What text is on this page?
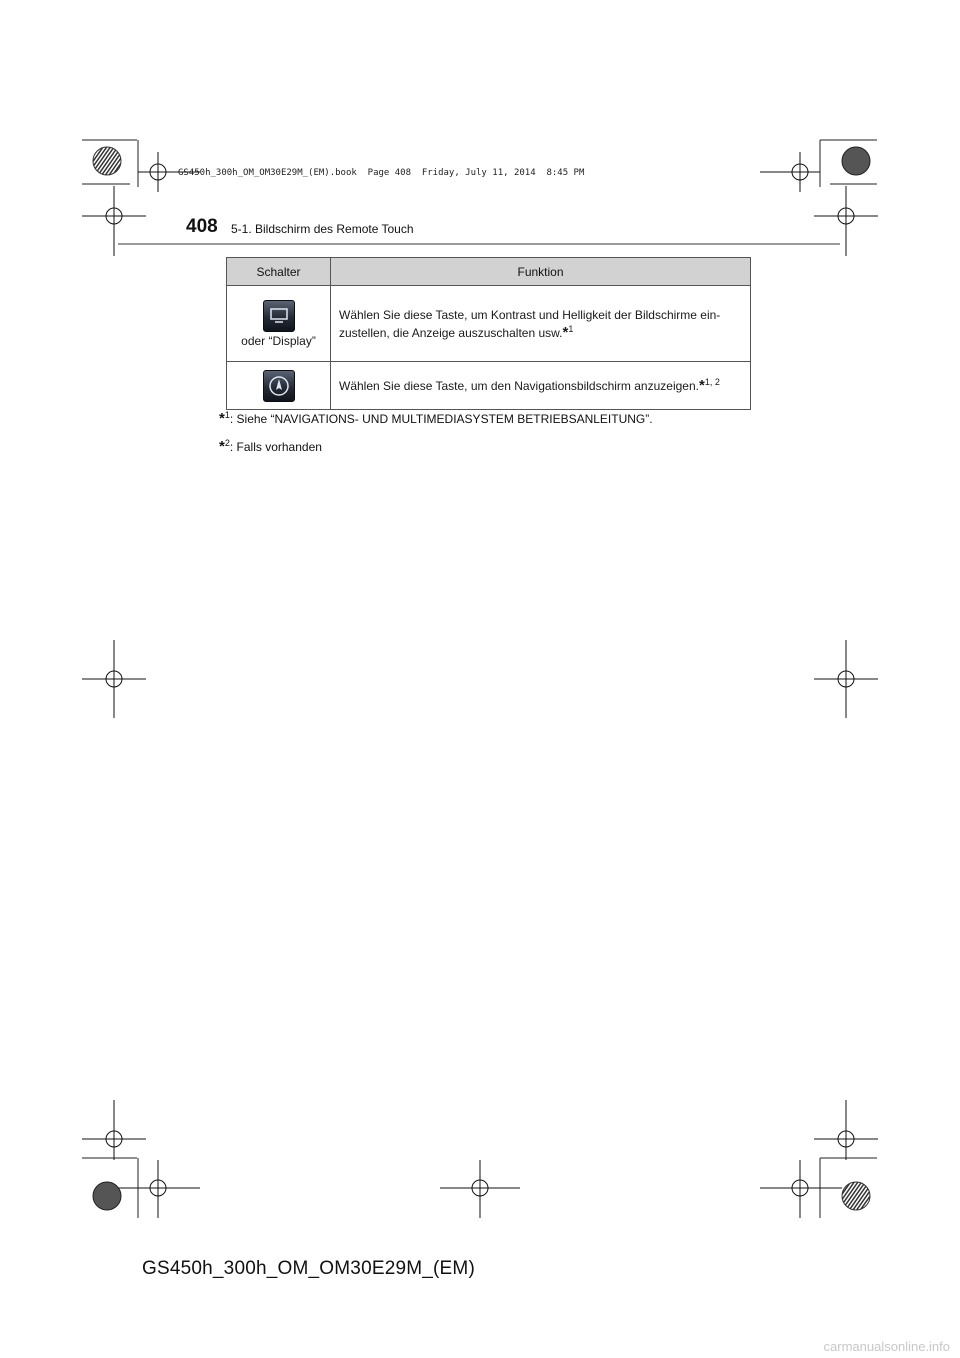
GS450h_300h_OM_OM30E29M_(EM).book  Page 408  Friday, July 11, 2014  8:45 PM
408 5-1. Bildschirm des Remote Touch
Schalter	Funktion

oder “Display”	Wählen Sie diese Taste, um Kontrast und Helligkeit der Bildschirme ein-zustellen, die Anzeige auszuschalten usw.*$^1$

	Wählen Sie diese Taste, um den Navigationsbildschirm anzuzeigen.*$^{1, 2}$
*$^1$: Siehe “NAVIGATIONS- UND MULTIMEDIASYSTEM BETRIEBSANLEITUNG”.
*$^2$: Falls vorhanden
GS450h_300h_OM_OM30E29M_(EM)
carmanualsonline.info
